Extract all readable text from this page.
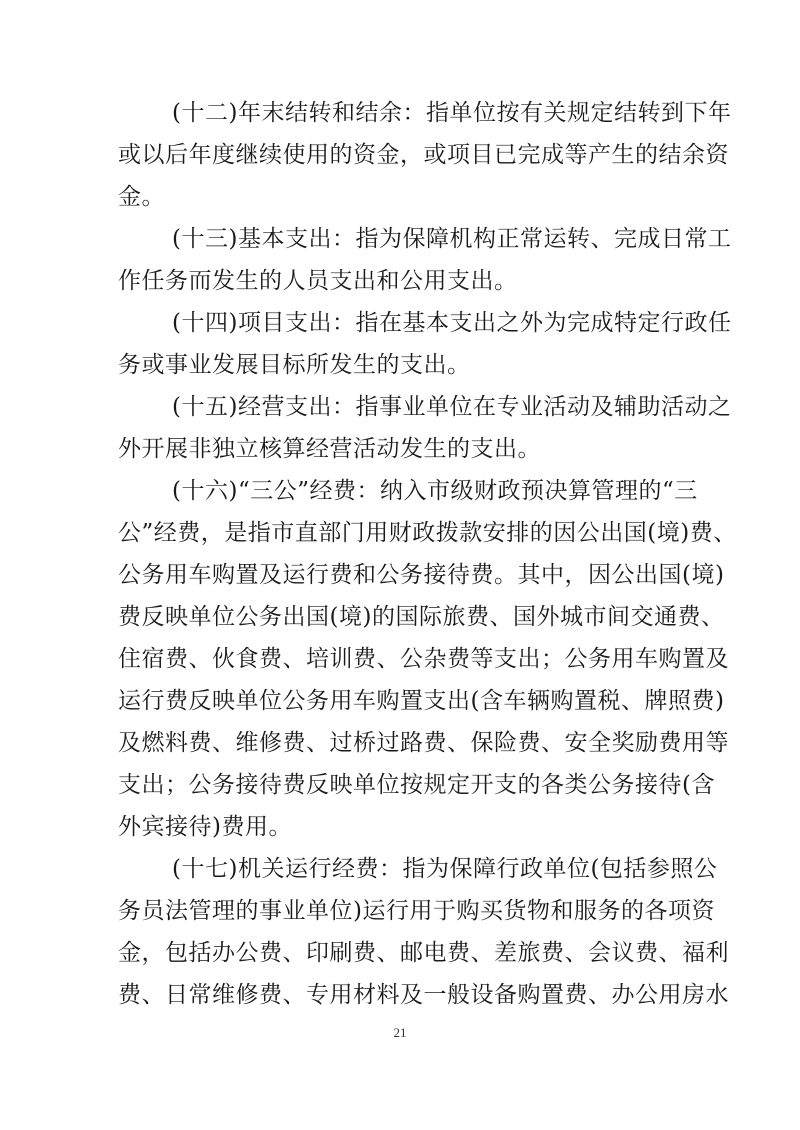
(十二)年末结转和结余：指单位按有关规定结转到下年
或以后年度继续使用的资金，或项目已完成等产生的结余资
金。
(十三)基本支出：指为保障机构正常运转、完成日常工
作任务而发生的人员支出和公用支出。
(十四)项目支出：指在基本支出之外为完成特定行政任
务或事业发展目标所发生的支出。
(十五)经营支出：指事业单位在专业活动及辅助活动之
外开展非独立核算经营活动发生的支出。
(十六)“三公”经费：纳入市级财政预决算管理的“三
公”经费，是指市直部门用财政拨款安排的因公出国(境)费、
公务用车购置及运行费和公务接待费。其中，因公出国(境)
费反映单位公务出国(境)的国际旅费、国外城市间交通费、
住宿费、伙食费、培训费、公杂费等支出；公务用车购置及
运行费反映单位公务用车购置支出(含车辆购置税、牌照费)
及燃料费、维修费、过桥过路费、保险费、安全奖励费用等
支出；公务接待费反映单位按规定开支的各类公务接待(含
外宾接待)费用。
(十七)机关运行经费：指为保障行政单位(包括参照公
务员法管理的事业单位)运行用于购买货物和服务的各项资
金，包括办公费、印刷费、邮电费、差旅费、会议费、福利
费、日常维修费、专用材料及一般设备购置费、办公用房水
21
